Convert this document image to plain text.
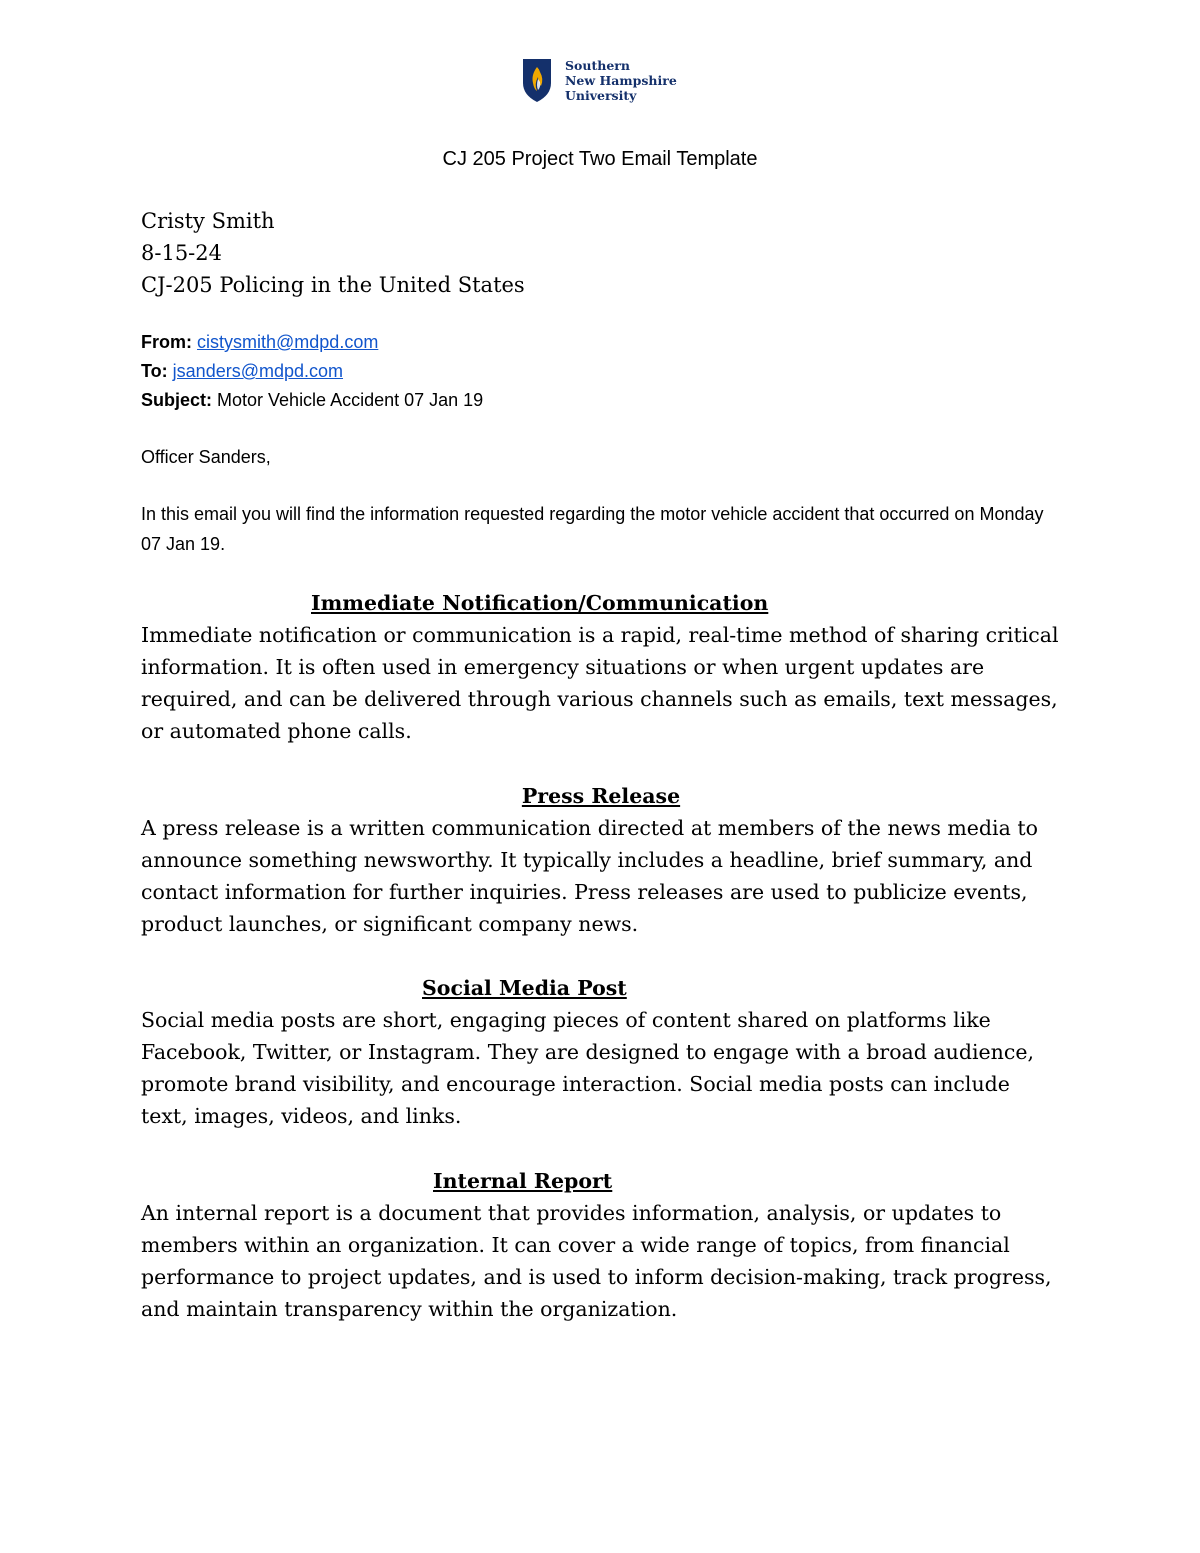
Southern
New Hampshire
University
CJ 205 Project Two Email Template
Cristy Smith
8-15-24
CJ-205 Policing in the United States
From: cistysmith@mdpd.com
To: jsanders@mdpd.com
Subject: Motor Vehicle Accident 07 Jan 19
Officer Sanders,
In this email you will find the information requested regarding the motor vehicle accident that occurred on Monday 07 Jan 19.
Immediate Notification/Communication
Immediate notification or communication is a rapid, real-time method of sharing critical information. It is often used in emergency situations or when urgent updates are required, and can be delivered through various channels such as emails, text messages, or automated phone calls.
Press Release
A press release is a written communication directed at members of the news media to announce something newsworthy. It typically includes a headline, brief summary, and contact information for further inquiries. Press releases are used to publicize events, product launches, or significant company news.
Social Media Post
Social media posts are short, engaging pieces of content shared on platforms like Facebook, Twitter, or Instagram. They are designed to engage with a broad audience, promote brand visibility, and encourage interaction. Social media posts can include text, images, videos, and links.
Internal Report
An internal report is a document that provides information, analysis, or updates to members within an organization. It can cover a wide range of topics, from financial performance to project updates, and is used to inform decision-making, track progress, and maintain transparency within the organization.
